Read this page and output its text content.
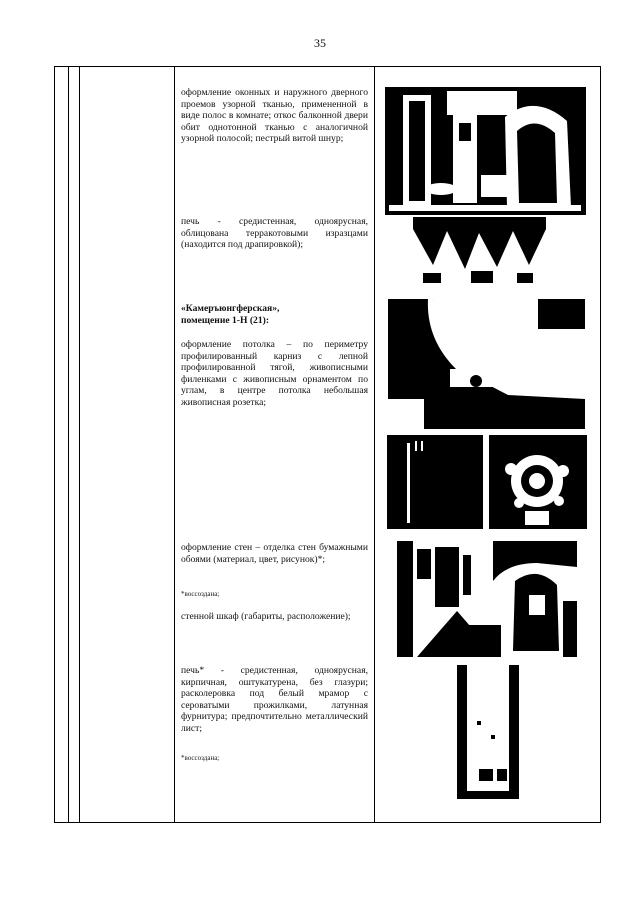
35
оформление оконных и наружного дверного проемов узорной тканью, примененной в виде полос в комнате; откос балконной двери обит однотонной тканью с аналогичной узорной полосой; пестрый витой шнур;
печь - средистенная, одноярусная, облицована терракотовыми изразцами (находится под драпировкой);
«Камеръюнгферская»,
помещение 1-Н (21):
оформление потолка – по периметру профилированный карниз с лепной профилированной тягой, живописными филенками с живописным орнаментом по углам, в центре потолка небольшая живописная розетка;
оформление стен – отделка стен бумажными обоями (материал, цвет, рисунок)*;
*воссоздана;
стенной шкаф (габариты, расположение);
печь* - средистенная, одноярусная, кирпичная, оштукатурена, без глазури; расколеровка под белый мрамор с сероватыми прожилками, латунная фурнитура; предпочтительно металлический лист;
*воссоздана;
